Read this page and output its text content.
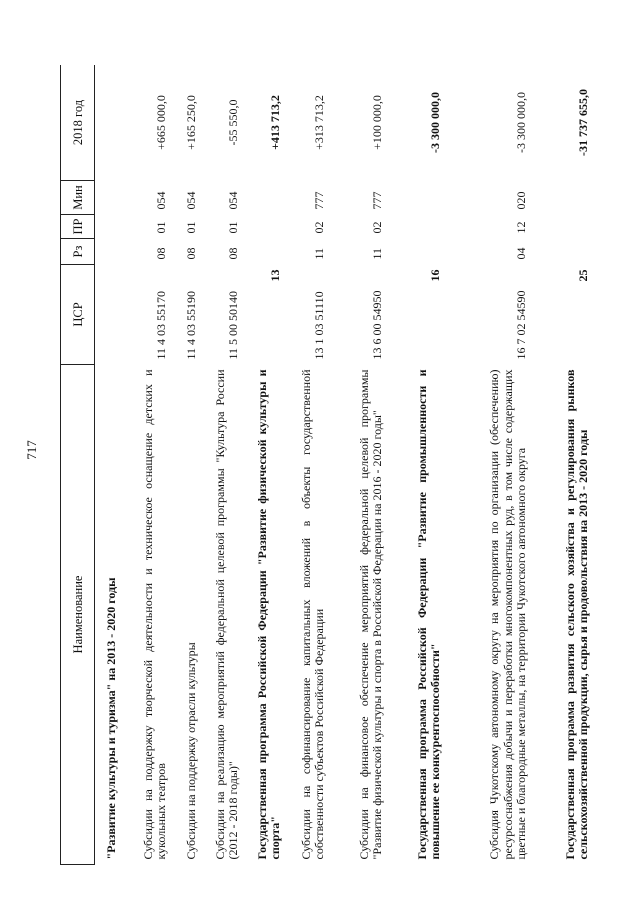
717
Наименование	ЦСР	Рз	ПР	Мин	2018 год
"Развитие культуры и туризма" на 2013 - 2020 годы					
Субсидии на поддержку творческой деятельности и техническое оснащение детских и кукольных театров	11 4 03 55170	08	01	054	+665 000,0
Субсидии на поддержку отрасли культуры	11 4 03 55190	08	01	054	+165 250,0
Субсидии на реализацию мероприятий федеральной целевой программы "Культура России (2012 - 2018 годы)"	11 5 00 50140	08	01	054	-55 550,0
Государственная программа Российской Федерации "Развитие физической культуры и спорта"	13				+413 713,2
Субсидии на софинансирование капитальных вложений в объекты государственной собственности субъектов Российской Федерации	13 1 03 51110	11	02	777	+313 713,2
Субсидии на финансовое обеспечение мероприятий федеральной целевой программы "Развитие физической культуры и спорта в Российской Федерации на 2016 - 2020 годы"	13 6 00 54950	11	02	777	+100 000,0
Государственная программа Российской Федерации "Развитие промышленности и повышение ее конкурентоспособности"	16				-3 300 000,0
Субсидия Чукотскому автономному округу на мероприятия по организации (обеспечению) ресурсоснабжения добычи и переработки многокомпонентных руд, в том числе содержащих цветные и благородные металлы, на территории Чукотского автономного округа	16 7 02 54590	04	12	020	-3 300 000,0
Государственная программа развития сельского хозяйства и регулирования рынков сельскохозяйственной продукции, сырья и продовольствия на 2013 - 2020 годы	25				-31 737 655,0
